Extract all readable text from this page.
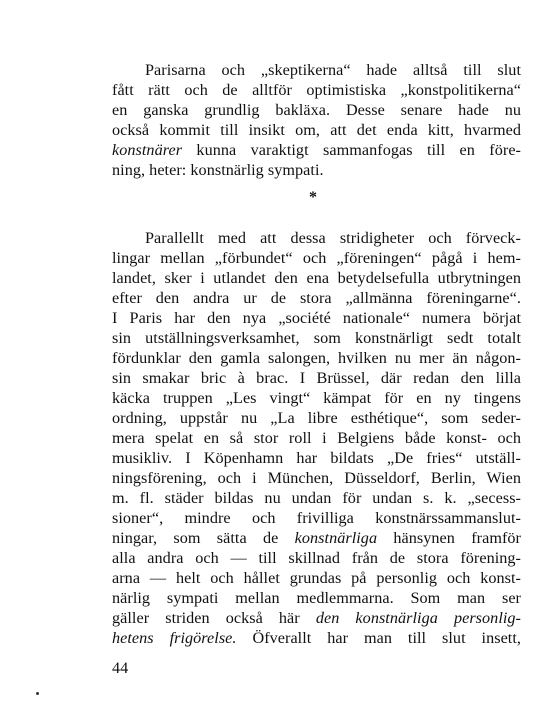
Parisarna och „skeptikerna“ hade alltså till slut
fått rätt och de alltför optimistiska „konstpolitikerna“
en ganska grundlig bakläxa. Desse senare hade nu
också kommit till insikt om, att det enda kitt, hvarmed
konstnärer kunna varaktigt sammanfogas till en före-
ning, heter: konstnärlig sympati.
*
Parallellt med att dessa stridigheter och förveck-
lingar mellan „förbundet“ och „föreningen“ pågå i hem-
landet, sker i utlandet den ena betydelsefulla utbrytningen
efter den andra ur de stora „allmänna föreningarne“.
I Paris har den nya „société nationale“ numera börjat
sin utställningsverksamhet, som konstnärligt sedt totalt
fördunklar den gamla salongen, hvilken nu mer än någon-
sin smakar bric à brac. I Brüssel, där redan den lilla
käcka truppen „Les vingt“ kämpat för en ny tingens
ordning, uppstår nu „La libre esthétique“, som seder-
mera spelat en så stor roll i Belgiens både konst- och
musikliv. I Köpenhamn har bildats „De fries“ utställ-
ningsförening, och i München, Düsseldorf, Berlin, Wien
m. fl. städer bildas nu undan för undan s. k. „secess-
sioner“, mindre och frivilliga konstnärssammanslut-
ningar, som sätta de konstnärliga hänsynen framför
alla andra och — till skillnad från de stora förening-
arna — helt och hållet grundas på personlig och konst-
närlig sympati mellan medlemmarna. Som man ser
gäller striden också här den konstnärliga personlig-
hetens frigörelse. Öfverallt har man till slut insett,
44
